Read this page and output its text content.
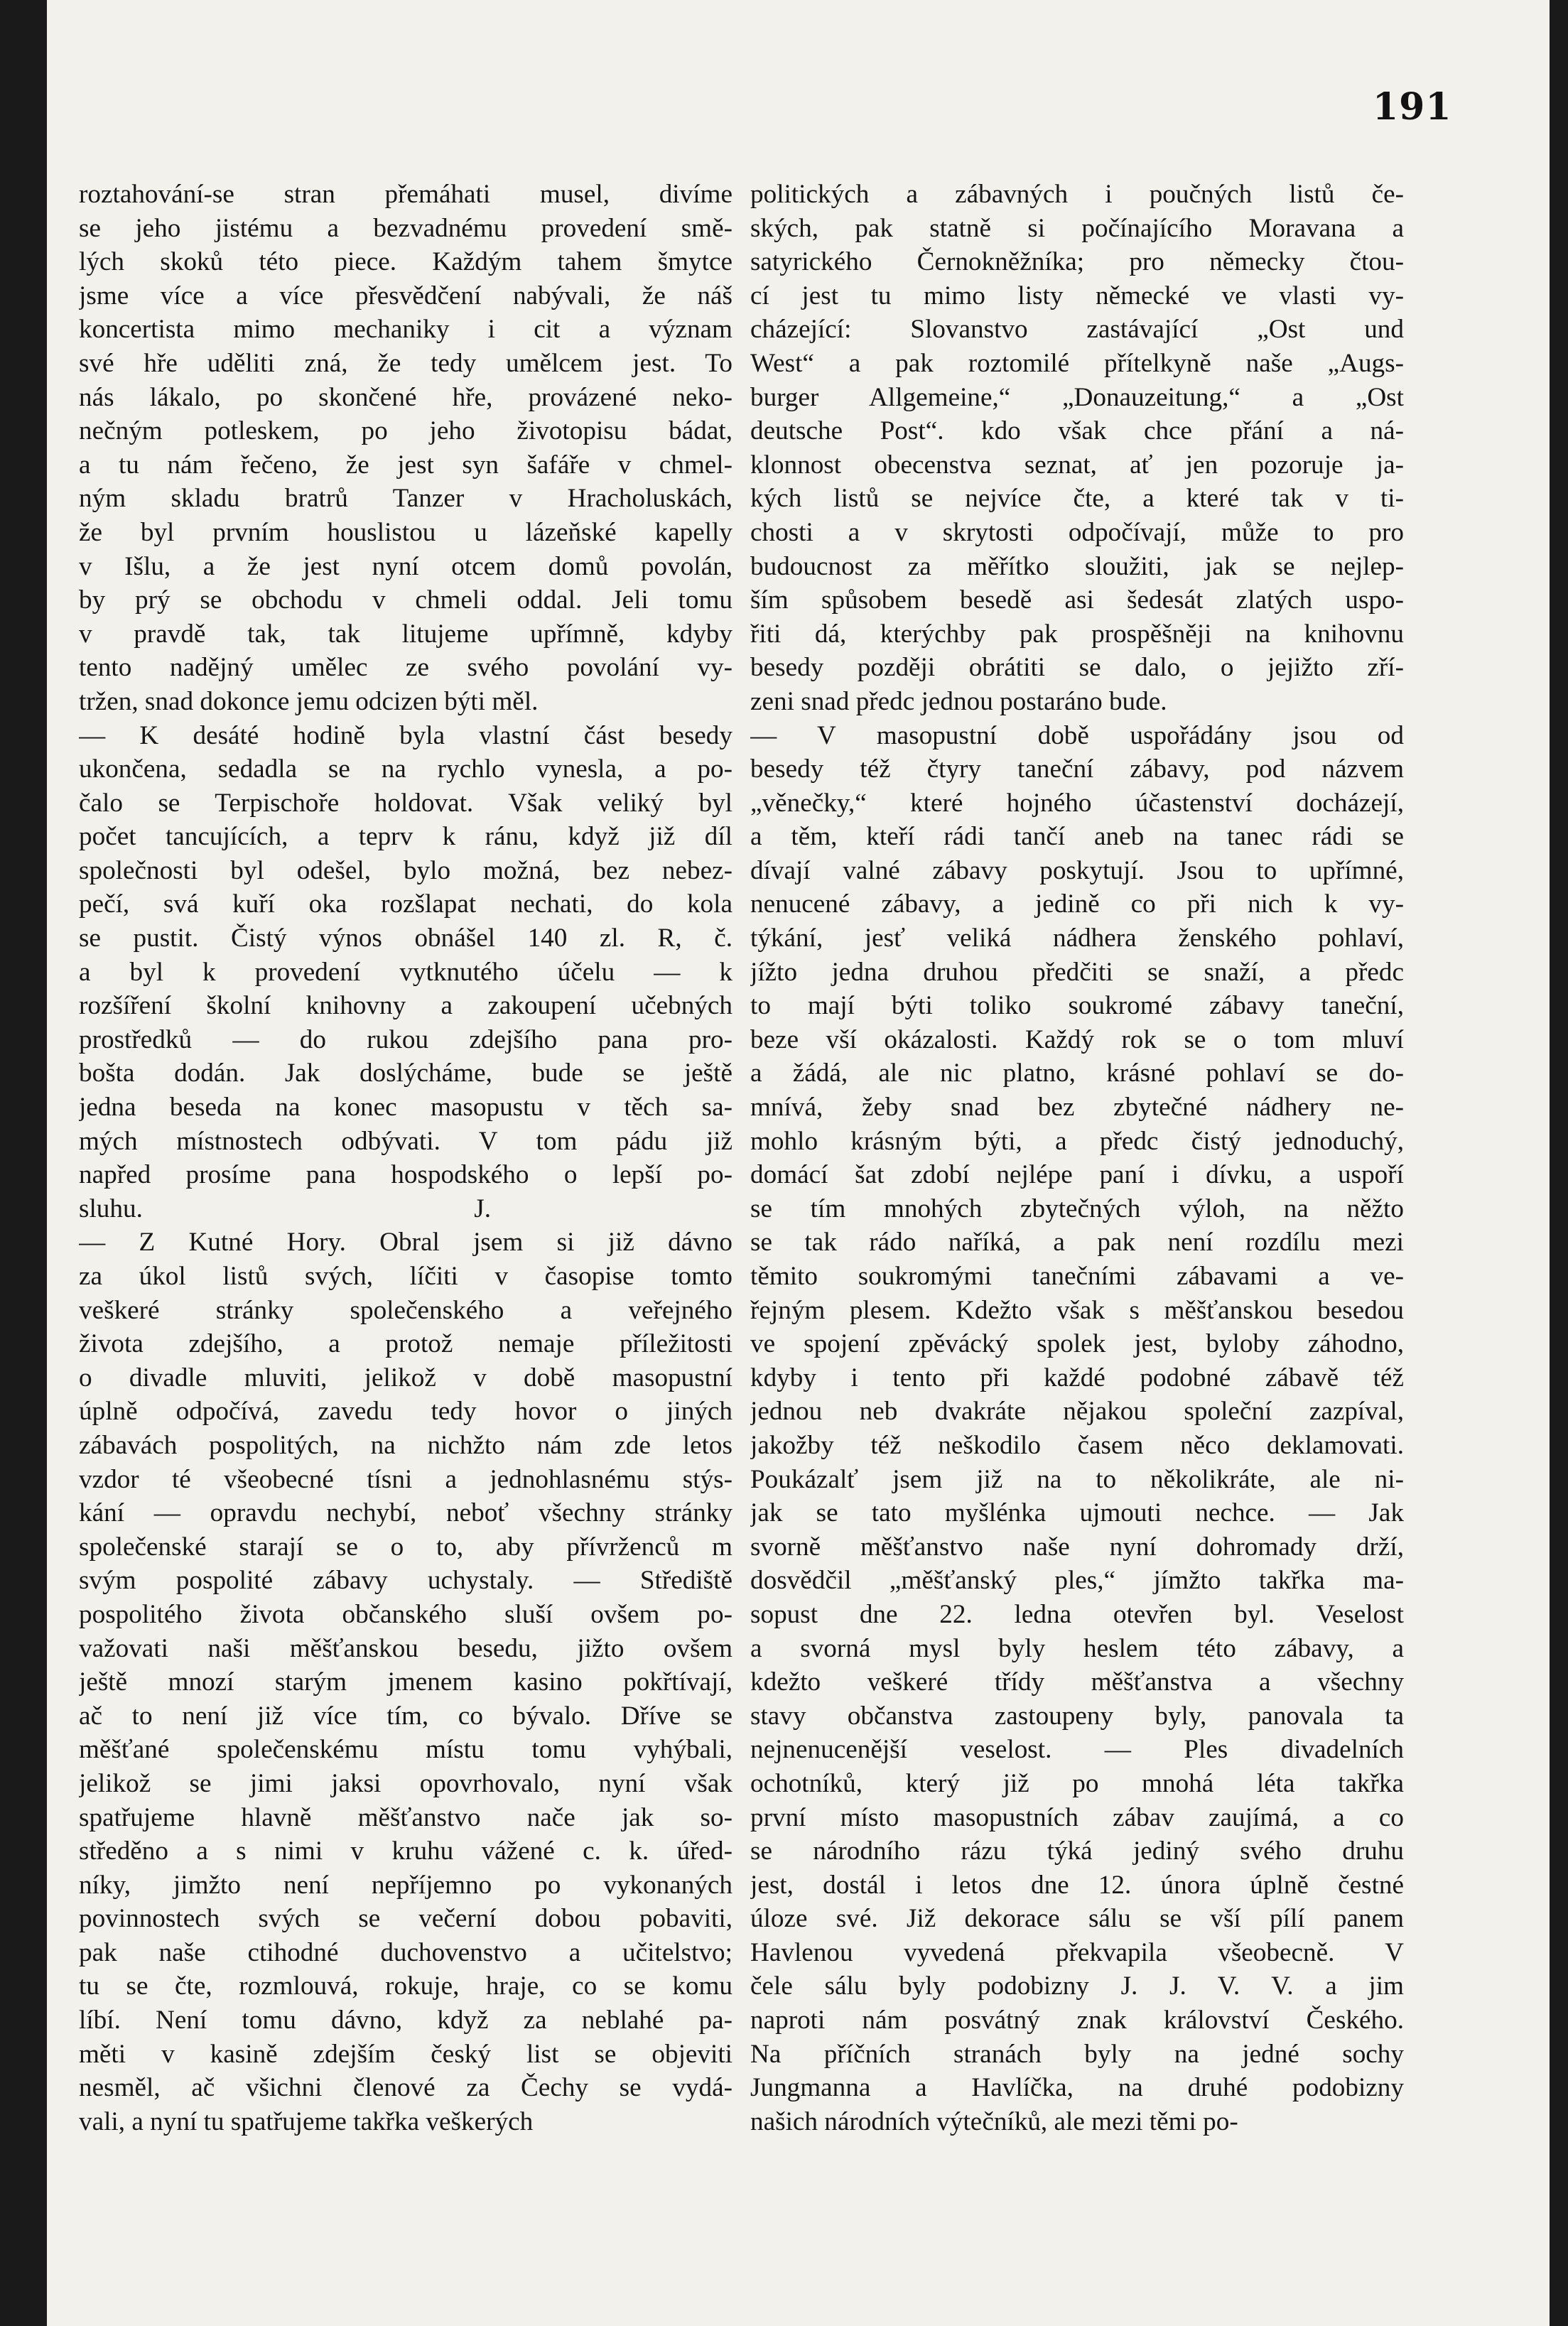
191
roztahování-se stran přemáhati musel, divíme
se jeho jistému a bezvadnému provedení smě-
lých skoků této piece. Každým tahem šmytce
jsme více a více přesvědčení nabývali, že náš
koncertista mimo mechaniky i cit a význam
své hře uděliti zná, že tedy umělcem jest. To
nás lákalo, po skončené hře, provázené neko-
nečným potleskem, po jeho životopisu bádat,
a tu nám řečeno, že jest syn šafáře v chmel-
ným skladu bratrů Tanzer v Hracholuskách,
že byl prvním houslistou u lázeňské kapelly
v Išlu, a že jest nyní otcem domů povolán,
by prý se obchodu v chmeli oddal. Jeli tomu
v pravdě tak, tak litujeme upřímně, kdyby
tento nadějný umělec ze svého povolání vy-
tržen, snad dokonce jemu odcizen býti měl.
— K desáté hodině byla vlastní část besedy
ukončena, sedadla se na rychlo vynesla, a po-
čalo se Terpischoře holdovat. Však veliký byl
počet tancujících, a teprv k ránu, když již díl
společnosti byl odešel, bylo možná, bez nebez-
pečí, svá kuří oka rozšlapat nechati, do kola
se pustit. Čistý výnos obnášel 140 zl. R, č.
a byl k provedení vytknutého účelu — k
rozšíření školní knihovny a zakoupení učebných
prostředků — do rukou zdejšího pana pro-
bošta dodán. Jak doslýcháme, bude se ještě
jedna beseda na konec masopustu v těch sa-
mých místnostech odbývati. V tom pádu již
napřed prosíme pana hospodského o lepší po-
sluhu. J.
— Z Kutné Hory. Obral jsem si již dávno
za úkol listů svých, líčiti v časopise tomto
veškeré stránky společenského a veřejného
života zdejšího, a protož nemaje příležitosti
o divadle mluviti, jelikož v době masopustní
úplně odpočívá, zavedu tedy hovor o jiných
zábavách pospolitých, na nichžto nám zde letos
vzdor té všeobecné tísni a jednohlasnému stýs-
kání — opravdu nechybí, neboť všechny stránky
společenské starají se o to, aby přívrženců m
svým pospolité zábavy uchystaly. — Střediště
pospolitého života občanského sluší ovšem po-
važovati naši měšťanskou besedu, jižto ovšem
ještě mnozí starým jmenem kasino pokřtívají,
ač to není již více tím, co bývalo. Dříve se
měšťané společenskému místu tomu vyhýbali,
jelikož se jimi jaksi opovrhovalo, nyní však
spatřujeme hlavně měšťanstvo nače jak so-
středěno a s nimi v kruhu vážené c. k. úřed-
níky, jimžto není nepříjemno po vykonaných
povinnostech svých se večerní dobou pobaviti,
pak naše ctihodné duchovenstvo a učitelstvo;
tu se čte, rozmlouvá, rokuje, hraje, co se komu
líbí. Není tomu dávno, když za neblahé pa-
měti v kasině zdejším český list se objeviti
nesměl, ač všichni členové za Čechy se vydá-
vali, a nyní tu spatřujeme takřka veškerých
politických a zábavných i poučných listů če-
ských, pak statně si počínajícího Moravana a
satyrického Černokněžníka; pro německy čtou-
cí jest tu mimo listy německé ve vlasti vy-
cházející: Slovanstvo zastávající „Ost und
West“ a pak roztomilé přítelkyně naše „Augs-
burger Allgemeine,“ „Donauzeitung,“ a „Ost
deutsche Post“. kdo však chce přání a ná-
klonnost obecenstva seznat, ať jen pozoruje ja-
kých listů se nejvíce čte, a které tak v ti-
chosti a v skrytosti odpočívají, může to pro
budoucnost za měřítko sloužiti, jak se nejlep-
ším spůsobem besedě asi šedesát zlatých uspo-
řiti dá, kterýchby pak prospěšněji na knihovnu
besedy později obrátiti se dalo, o jejižto zří-
zeni snad předc jednou postaráno bude.
— V masopustní době uspořádány jsou od
besedy též čtyry taneční zábavy, pod názvem
„věnečky,“ které hojného účastenství docházejí,
a těm, kteří rádi tančí aneb na tanec rádi se
dívají valné zábavy poskytují. Jsou to upřímné,
nenucené zábavy, a jedině co při nich k vy-
týkání, jesť veliká nádhera ženského pohlaví,
jížto jedna druhou předčiti se snaží, a předc
to mají býti toliko soukromé zábavy taneční,
beze vší okázalosti. Každý rok se o tom mluví
a žádá, ale nic platno, krásné pohlaví se do-
mnívá, žeby snad bez zbytečné nádhery ne-
mohlo krásným býti, a předc čistý jednoduchý,
domácí šat zdobí nejlépe paní i dívku, a uspoří
se tím mnohých zbytečných výloh, na něžto
se tak rádo naříká, a pak není rozdílu mezi
těmito soukromými tanečními zábavami a ve-
řejným plesem. Kdežto však s měšťanskou besedou
ve spojení zpěvácký spolek jest, byloby záhodno,
kdyby i tento při každé podobné zábavě též
jednou neb dvakráte nějakou společní zazpíval,
jakožby též neškodilo časem něco deklamovati.
Poukázalť jsem již na to několikráte, ale ni-
jak se tato myšlénka ujmouti nechce. — Jak
svorně měšťanstvo naše nyní dohromady drží,
dosvědčil „měšťanský ples,“ jímžto takřka ma-
sopust dne 22. ledna otevřen byl. Veselost
a svorná mysl byly heslem této zábavy, a
kdežto veškeré třídy měšťanstva a všechny
stavy občanstva zastoupeny byly, panovala ta
nejnenucenější veselost. — Ples divadelních
ochotníků, který již po mnohá léta takřka
první místo masopustních zábav zaujímá, a co
se národního rázu týká jediný svého druhu
jest, dostál i letos dne 12. února úplně čestné
úloze své. Již dekorace sálu se vší pílí panem
Havlenou vyvedená překvapila všeobecně. V
čele sálu byly podobizny J. J. V. V. a jim
naproti nám posvátný znak království Českého.
Na příčních stranách byly na jedné sochy
Jungmanna a Havlíčka, na druhé podobizny
našich národních výtečníků, ale mezi těmi po-
